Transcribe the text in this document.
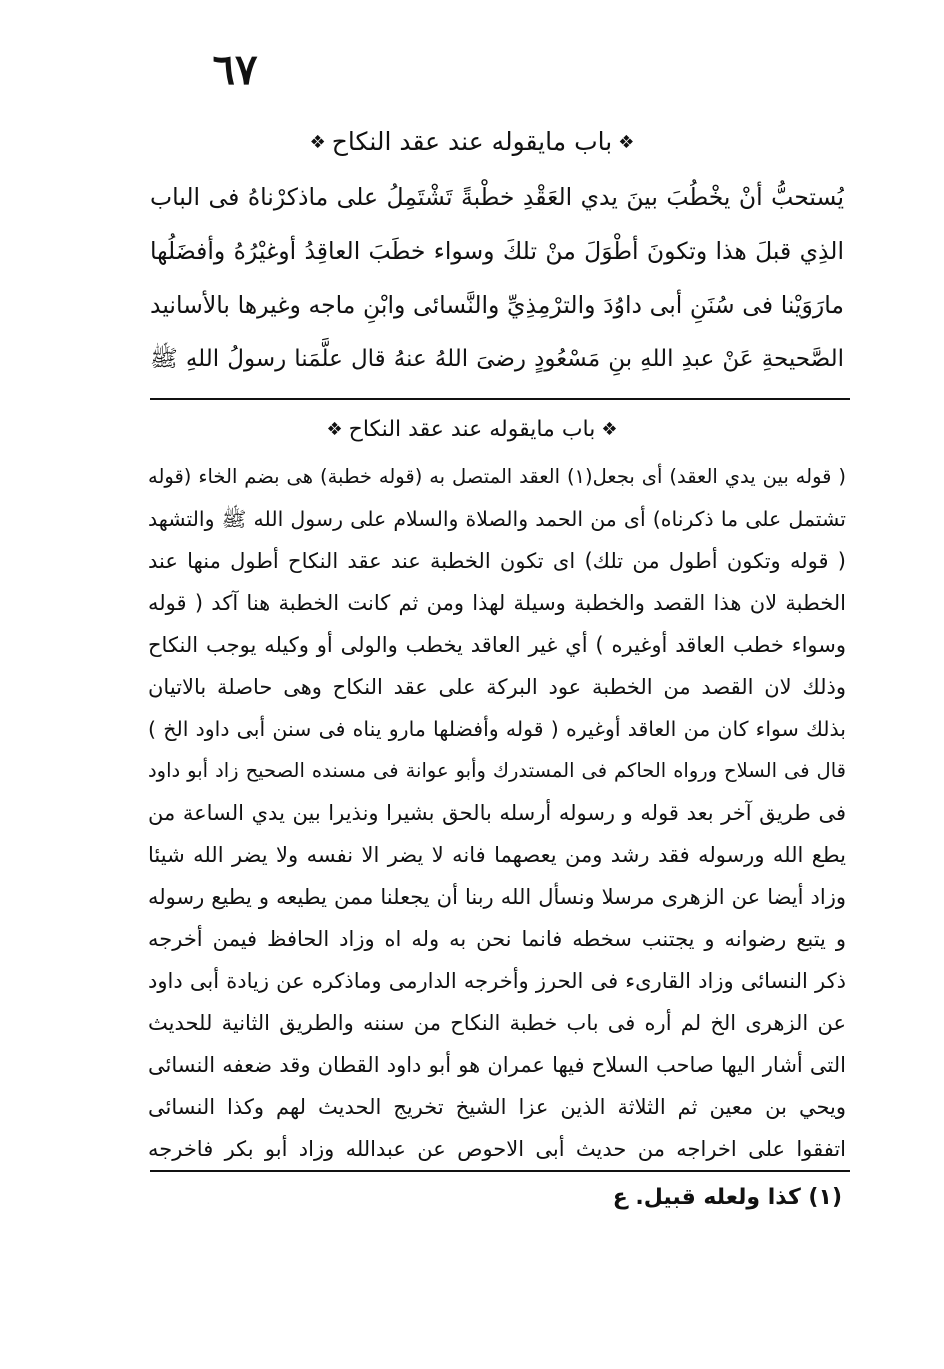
٦٧
❖باب مايقوله عند عقد النكاح❖
يُستحبُّ أنْ يخْطُبَ بينَ يدي العَقْدِ خطْبةً تَشْتَمِلُ على ماذكرْناهُ فى الباب
الذِي قبلَ هذا وتكونَ أطْوَلَ منْ تلكَ وسواء خطَبَ العاقِدُ أوغيْرُهُ وأفضَلُها
مارَوَيْنا فى سُنَنِ أبى داوُدَ والترْمِذِيِّ والنَّسائى وابْنِ ماجه وغيرها بالأسانيد
الصَّحيحةِ عَنْ عبدِ اللهِ بنِ مَسْعُودٍ رضىَ اللهُ عنهُ قال علَّمَنا رسولُ اللهِ ﷺ
❖باب مايقوله عند عقد النكاح❖
( قوله بين يدي العقد) أى بجعل(١) العقد المتصل به (قوله خطبة) هى بضم الخاء (قوله
تشتمل على ما ذكرناه) أى من الحمد والصلاة والسلام على رسول الله ﷺ والتشهد
( قوله وتكون أطول من تلك) اى تكون الخطبة عند عقد النكاح أطول منها عند
الخطبة لان هذا القصد والخطبة وسيلة لهذا ومن ثم كانت الخطبة هنا آكد ( قوله
وسواء خطب العاقد أوغيره ) أي غير العاقد يخطب والولى أو وكيله يوجب النكاح
وذلك لان القصد من الخطبة عود البركة على عقد النكاح وهى حاصلة بالاتيان
بذلك سواء كان من العاقد أوغيره ( قوله وأفضلها مارو يناه فى سنن أبى داود الخ )
قال فى السلاح ورواه الحاكم فى المستدرك وأبو عوانة فى مسنده الصحيح زاد أبو داود
فى طريق آخر بعد قوله و رسوله أرسله بالحق بشيرا ونذيرا بين يدي الساعة من
يطع الله ورسوله فقد رشد ومن يعصهما فانه لا يضر الا نفسه ولا يضر الله شيئا
وزاد أيضا عن الزهرى مرسلا ونسأل الله ربنا أن يجعلنا ممن يطيعه و يطيع رسوله
و يتبع رضوانه و يجتنب سخطه فانما نحن به وله اه وزاد الحافظ فيمن أخرجه
ذكر النسائى وزاد القارىء فى الحرز وأخرجه الدارمى وماذكره عن زيادة أبى داود
عن الزهرى الخ لم أره فى باب خطبة النكاح من سننه والطريق الثانية للحديث
التى أشار اليها صاحب السلاح فيها عمران هو أبو داود القطان وقد ضعفه النسائى
ويحي بن معين ثم الثلاثة الذين عزا الشيخ تخريج الحديث لهم وكذا النسائى
اتفقوا على اخراجه من حديث أبى الاحوص عن عبدالله وزاد أبو بكر فاخرجه
(١) كذا ولعله قبيل. ع
